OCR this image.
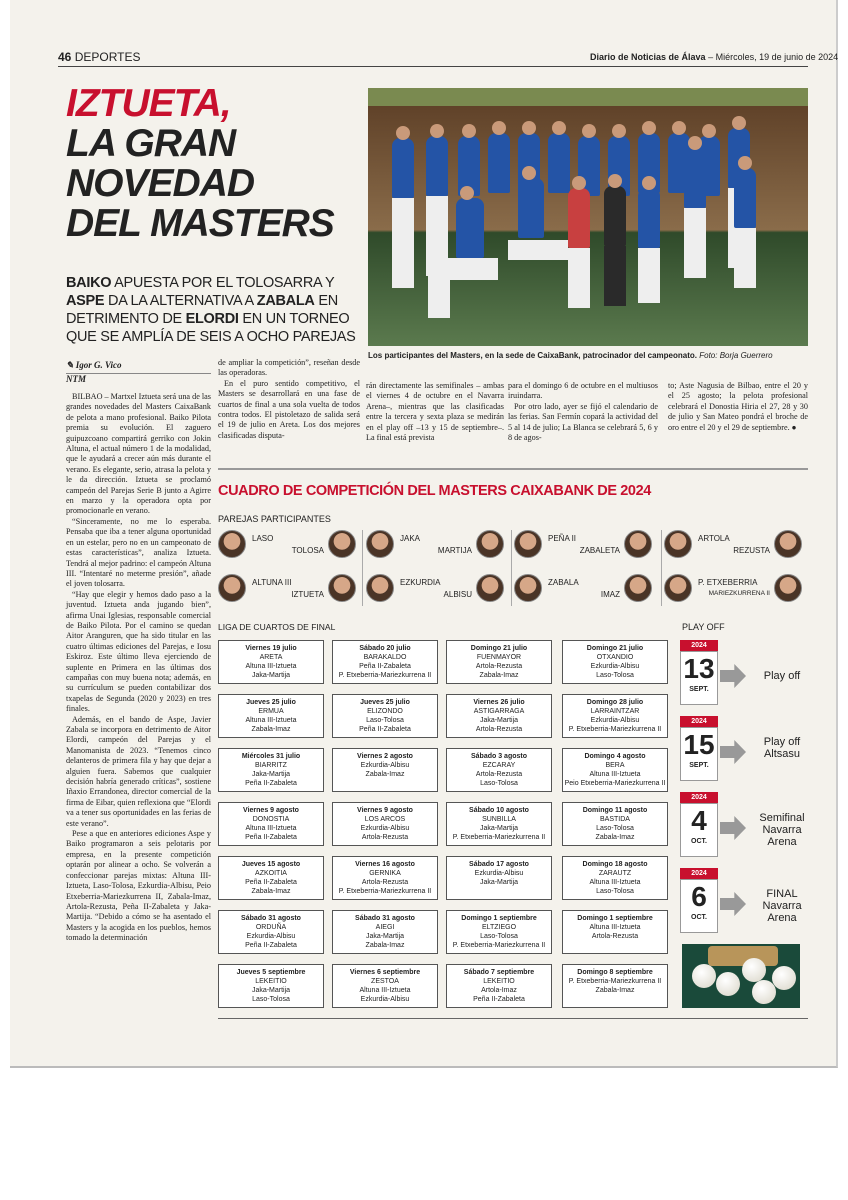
46 DEPORTES	Diario de Noticias de Álava – Miércoles, 19 de junio de 2024
IZTUETA,
LA GRAN
NOVEDAD
DEL MASTERS
BAIKO APUESTA POR EL TOLOSARRA Y ASPE DA LA ALTERNATIVA A ZABALA EN DETRIMENTO DE ELORDI EN UN TORNEO QUE SE AMPLÍA DE SEIS A OCHO PAREJAS
Los participantes del Masters, en la sede de CaixaBank, patrocinador del campeonato. Foto: Borja Guerrero
✎ Igor G. Vico
NTM

BILBAO – Martxel Iztueta será una de las grandes novedades del Masters CaixaBank de pelota a mano profesional. Baiko Pilota premia su evolución. El zaguero guipuzcoano compartirá gerriko con Jokin Altuna, el actual número 1 de la modalidad, que le ayudará a crecer aún más durante el verano. Es elegante, serio, atrasa la pelota y le da dirección. Iztueta se proclamó campeón del Parejas Serie B junto a Agirre en marzo y la operadora opta por promocionarle en verano.

“Sinceramente, no me lo esperaba. Pensaba que iba a tener alguna oportunidad en un estelar, pero no en un campeonato de estas características”, analiza Iztueta. Tendrá al mejor padrino: el campeón Altuna III. “Intentaré no meterme presión”, añade el joven tolosarra.

“Hay que elegir y hemos dado paso a la juventud. Iztueta anda jugando bien”, afirma Unai Iglesias, responsable comercial de Baiko Pilota. Por el camino se quedan Aitor Aranguren, que ha sido titular en las cuatro últimas ediciones del Parejas, e Iosu Eskiroz. Este último lleva ejerciendo de suplente en Primera en las últimas dos campañas con muy buena nota; además, en su currículum se pueden contabilizar dos txapelas de Segunda (2020 y 2023) en tres finales.

Además, en el bando de Aspe, Javier Zabala se incorpora en detrimento de Aitor Elordi, campeón del Parejas y el Manomanista de 2023. “Tenemos cinco delanteros de primera fila y hay que dejar a alguien fuera. Sabemos que cualquier decisión habría generado críticas”, sostiene Iñaxio Errandonea, director comercial de la firma de Eibar, quien reflexiona que “Elordi va a tener sus oportunidades en las ferias de este verano”.

Pese a que en anteriores ediciones Aspe y Baiko programaron a seis pelotaris por empresa, en la presente competición optarán por alinear a ocho. Se volverán a confeccionar parejas mixtas: Altuna III-Iztueta, Laso-Tolosa, Ezkurdia-Albisu, Peio Etxeberria-Mariezkurrena II, Zabala-Imaz, Artola-Rezusta, Peña II-Zabaleta y Jaka-Martija. “Debido a cómo se ha asentado el Masters y la acogida en los pueblos, hemos tomado la determinación

de ampliar la competición”, reseñan desde las operadoras.

En el puro sentido competitivo, el Masters se desarrollará en una fase de cuartos de final a una sola vuelta de todos contra todos. El pistoletazo de salida será el 19 de julio en Areta. Los dos mejores clasificadas disputa-

rán directamente las semifinales – ambas el viernes 4 de octubre en el Navarra Arena–, mientras que las clasificadas entre la tercera y sexta plaza se medirán en el play off –13 y 15 de septiembre–. La final está prevista

para el domingo 6 de octubre en el multiusos iruindarra.

Por otro lado, ayer se fijó el calendario de las ferias. San Fermín copará la actividad del 5 al 14 de julio; La Blanca se celebrará 5, 6 y 8 de agos-

to; Aste Nagusia de Bilbao, entre el 20 y el 25 agosto; la pelota profesional celebrará el Donostia Hiria el 27, 28 y 30 de julio y San Mateo pondrá el broche de oro entre el 20 y el 29 de septiembre. ●

CUADRO DE COMPETICIÓN DEL MASTERS CAIXABANK DE 2024
PAREJAS PARTICIPANTES
LASO
TOLOSA
JAKA
MARTIJA
PEÑA II
ZABALETA
ARTOLA
REZUSTA
ALTUNA III
IZTUETA
EZKURDIA
ALBISU
ZABALA
IMAZ
P. ETXEBERRIA
MARIEZKURRENA II
LIGA DE CUARTOS DE FINAL
Viernes 19 julio
ARETA
Altuna III-Iztueta
Jaka-Martija
Sábado 20 julio
BARAKALDO
Peña II-Zabaleta
P. Etxeberria-Mariezkurrena II
Domingo 21 julio
FUENMAYOR
Artola-Rezusta
Zabala-Imaz
Domingo 21 julio
OTXANDIO
Ezkurdia-Albisu
Laso-Tolosa
Jueves 25 julio
ERMUA
Altuna III-Iztueta
Zabala-Imaz
Jueves 25 julio
ELIZONDO
Laso-Tolosa
Peña II-Zabaleta
Viernes 26 julio
ASTIGARRAGA
Jaka-Martija
Artola-Rezusta
Domingo 28 julio
LARRAINTZAR
Ezkurdia-Albisu
P. Etxeberria-Mariezkurrena II
Miércoles 31 julio
BIARRITZ
Jaka-Martija
Peña II-Zabaleta
Viernes 2 agosto
Ezkurdia-Albisu
Zabala-Imaz
Sábado 3 agosto
EZCARAY
Artola-Rezusta
Laso-Tolosa
Domingo 4 agosto
BERA
Altuna III-Iztueta
Peio Etxeberria-Mariezkurrena II
Viernes 9 agosto
DONOSTIA
Altuna III-Iztueta
Peña II-Zabaleta
Viernes 9 agosto
LOS ARCOS
Ezkurdia-Albisu
Artola-Rezusta
Sábado 10 agosto
SUNBILLA
Jaka-Martija
P. Etxeberria-Mariezkurrena II
Domingo 11 agosto
BASTIDA
Laso-Tolosa
Zabala-Imaz
Jueves 15 agosto
AZKOITIA
Peña II-Zabaleta
Zabala-Imaz
Viernes 16 agosto
GERNIKA
Artola-Rezusta
P. Etxeberria-Mariezkurrena II
Sábado 17 agosto
Ezkurdia-Albisu
Jaka-Martija
Domingo 18 agosto
ZARAUTZ
Altuna III-Iztueta
Laso-Tolosa
Sábado 31 agosto
ORDUÑA
Ezkurdia-Albisu
Peña II-Zabaleta
Sábado 31 agosto
AIEGI
Jaka-Martija
Zabala-Imaz
Domingo 1 septiembre
ELTZIEGO
Laso-Tolosa
P. Etxeberria-Mariezkurrena II
Domingo 1 septiembre
Altuna III-Iztueta
Artola-Rezusta
Jueves 5 septiembre
LEKEITIO
Jaka-Martija
Laso-Tolosa
Viernes 6 septiembre
ZESTOA
Altuna III-Iztueta
Ezkurdia-Albisu
Sábado 7 septiembre
LEKEITIO
Artola-Imaz
Peña II-Zabaleta
Domingo 8 septiembre
P. Etxeberria-Mariezkurrena II
Zabala-Imaz
PLAY OFF
2024
13
SEPT.
Play off
2024
15
SEPT.
Play off
Altsasu
2024
4
OCT.
Semifinal
Navarra Arena
2024
6
OCT.
FINAL
Navarra Arena
